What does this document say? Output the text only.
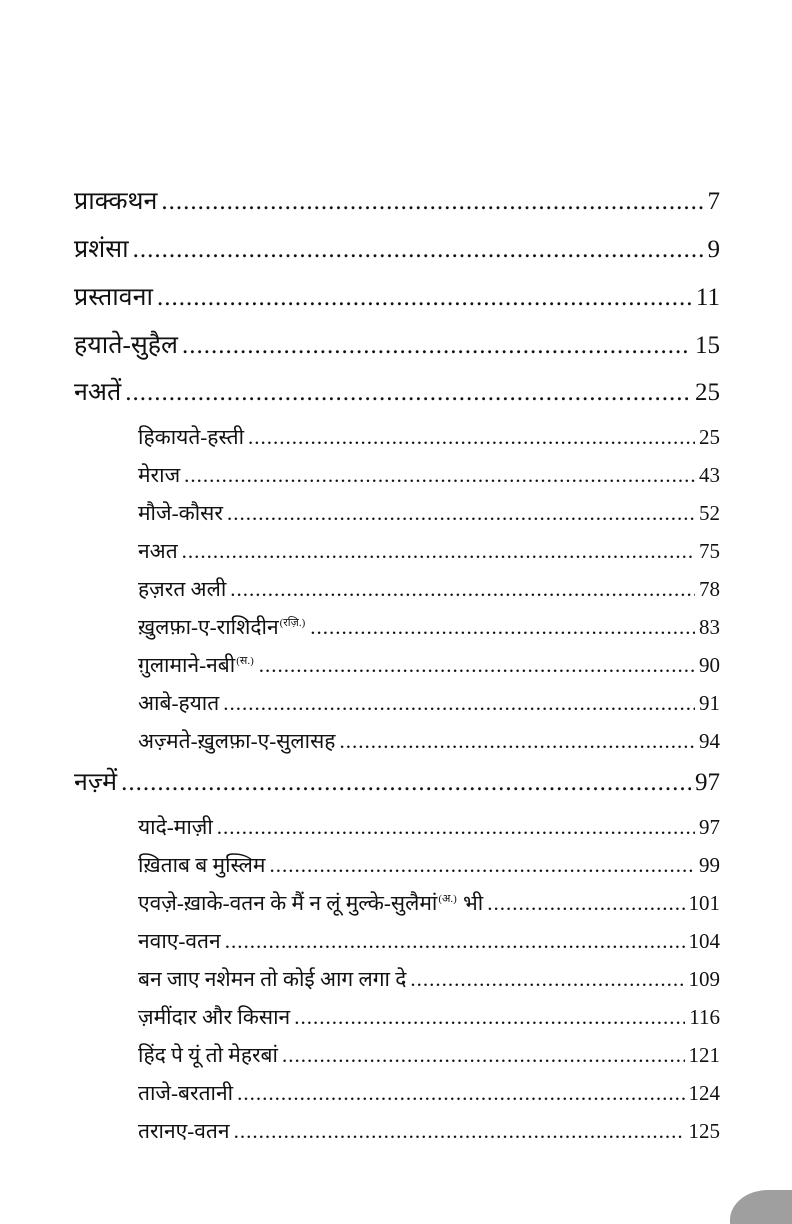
प्राक्कथन .....	7
प्रशंसा .....	9
प्रस्तावना .....	11
हयाते-सुहैल .....	15
नअतें .....	25
हिकायते-हस्ती .....	25
मेराज .....	43
मौजे-कौसर .....	52
नअत .....	75
हज़रत अली .....	78
ख़ुलफ़ा-ए-राशिदीन$^{(रज़ि.)}$ .....	83
ग़ुलामाने-नबी$^{(स.)}$ .....	90
आबे-हयात .....	91
अज़्मते-ख़ुलफ़ा-ए-सुलासह .....	94
नज़्में .....	97
यादे-माज़ी .....	97
ख़िताब ब मुस्लिम .....	99
एवज़े-ख़ाके-वतन के मैं न लूं मुल्के-सुलैमां$^{(अ.)}$ भी .....	101
नवाए-वतन .....	104
बन जाए नशेमन तो कोई आग लगा दे .....	109
ज़मींदार और किसान .....	116
हिंद पे यूं तो मेहरबां .....	121
ताजे-बरतानी .....	124
तरानए-वतन .....	125
